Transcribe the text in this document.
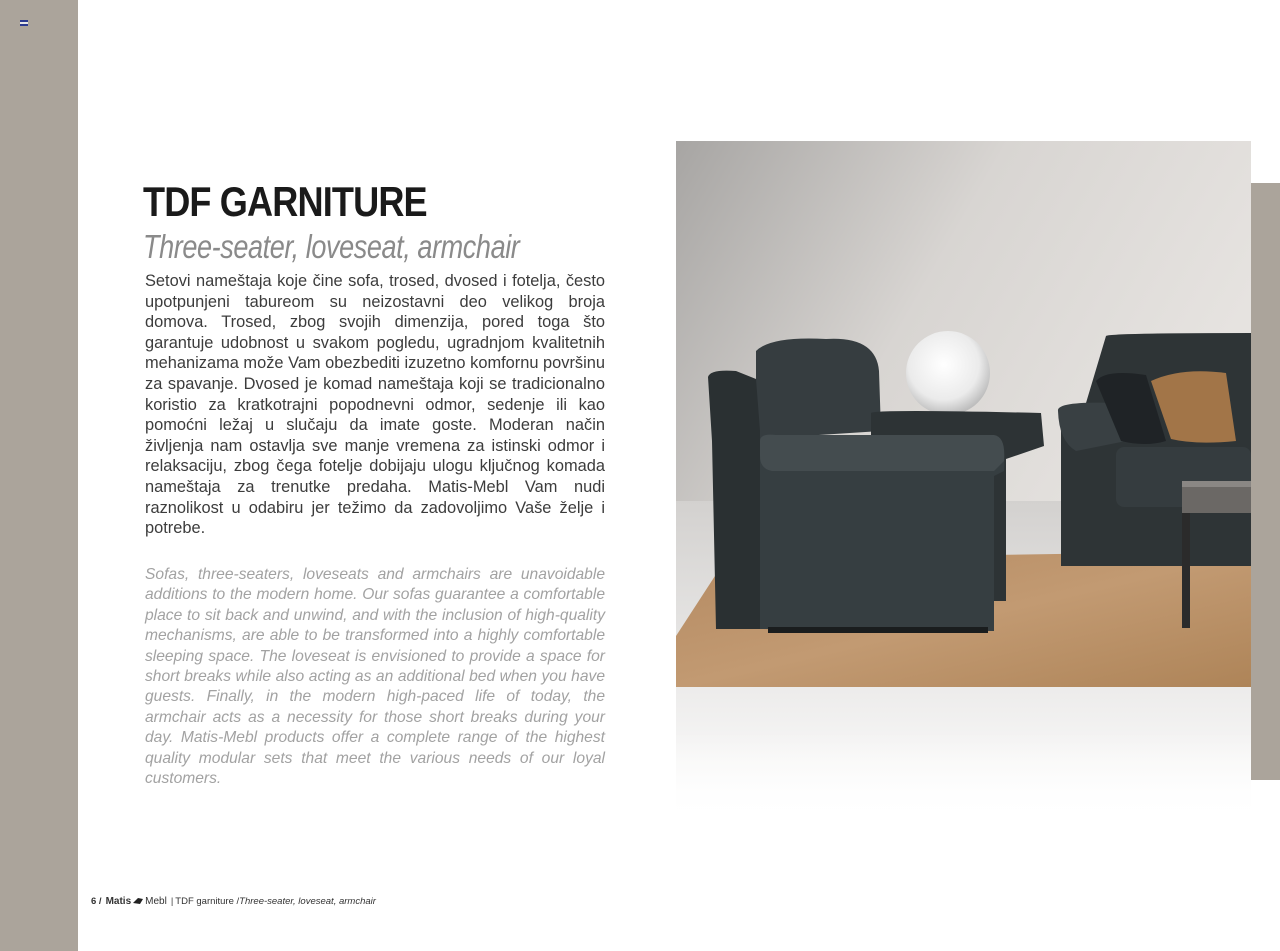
TDF GARNITURE
Three-seater, loveseat, armchair

Setovi nameštaja koje čine sofa, trosed, dvosed i fotelja, često upotpunjeni tabureom su neizostavni deo velikog broja domova. Trosed, zbog svojih dimenzija, pored toga što garantuje udobnost u svakom pogledu, ugradnjom kvalitetnih mehanizama može Vam obezbediti izuzetno komfornu površinu za spavanje. Dvosed je komad nameštaja koji se tradicionalno koristio za kratkotrajni popodnevni odmor, sedenje ili kao pomoćni ležaj u slučaju da imate goste. Moderan način življenja nam ostavlja sve manje vremena za istinski odmor i relaksaciju, zbog čega fotelje dobijaju ulogu ključnog komada nameštaja za trenutke predaha. Matis-Mebl Vam nudi raznolikost u odabiru jer težimo da zadovoljimo Vaše želje i potrebe.

Sofas, three-seaters, loveseats and armchairs are unavoidable additions to the modern home. Our sofas guarantee a comfortable place to sit back and unwind, and with the inclusion of high-quality mechanisms, are able to be transformed into a highly comfortable sleeping space. The loveseat is envisioned to provide a space for short breaks while also acting as an additional bed when you have guests. Finally, in the modern high-paced life of today, the armchair acts as a necessity for those short breaks during your day. Matis-Mebl products offer a complete range of the highest quality modular sets that meet the various needs of our loyal customers.

6 / Matis Mebl | TDF garniture / Three-seater, loveseat, armchair
